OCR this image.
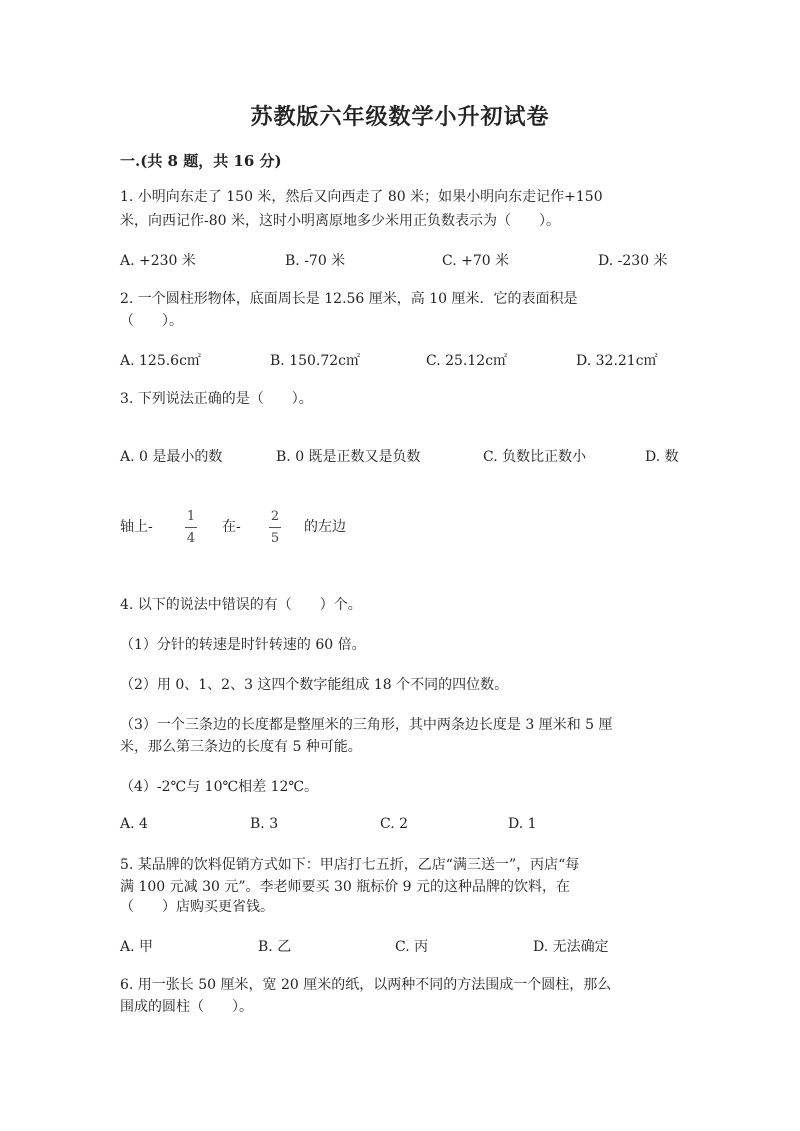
苏教版六年级数学小升初试卷
一.(共 8 题，共 16 分)
1. 小明向东走了 150 米，然后又向西走了 80 米；如果小明向东走记作+150
米，向西记作-80 米，这时小明离原地多少米用正负数表示为（　　）。
A. +230 米	B. -70 米	C. +70 米	D. -230 米
2. 一个圆柱形物体，底面周长是 12.56 厘米，高 10 厘米．它的表面积是
（　　）。
A. 125.6c㎡	B. 150.72c㎡	C. 25.12c㎡	D. 32.21c㎡
3. 下列说法正确的是（　　）。
A. 0 是最小的数	B. 0 既是正数又是负数	C. 负数比正数小	D. 数
轴上-
1
4
在-
2
5
的左边
4. 以下的说法中错误的有（　　）个。
（1）分针的转速是时针转速的 60 倍。
（2）用 0、1、2、3 这四个数字能组成 18 个不同的四位数。
（3）一个三条边的长度都是整厘米的三角形，其中两条边长度是 3 厘米和 5 厘
米，那么第三条边的长度有 5 种可能。
（4）-2℃与 10℃相差 12℃。
A. 4	B. 3	C. 2	D. 1
5. 某品牌的饮料促销方式如下：甲店打七五折，乙店“满三送一”，丙店“每
满 100 元减 30 元”。李老师要买 30 瓶标价 9 元的这种品牌的饮料，在
（　　）店购买更省钱。
A. 甲	B. 乙	C. 丙	D. 无法确定
6. 用一张长 50 厘米，宽 20 厘米的纸，以两种不同的方法围成一个圆柱，那么
围成的圆柱（　　）。
